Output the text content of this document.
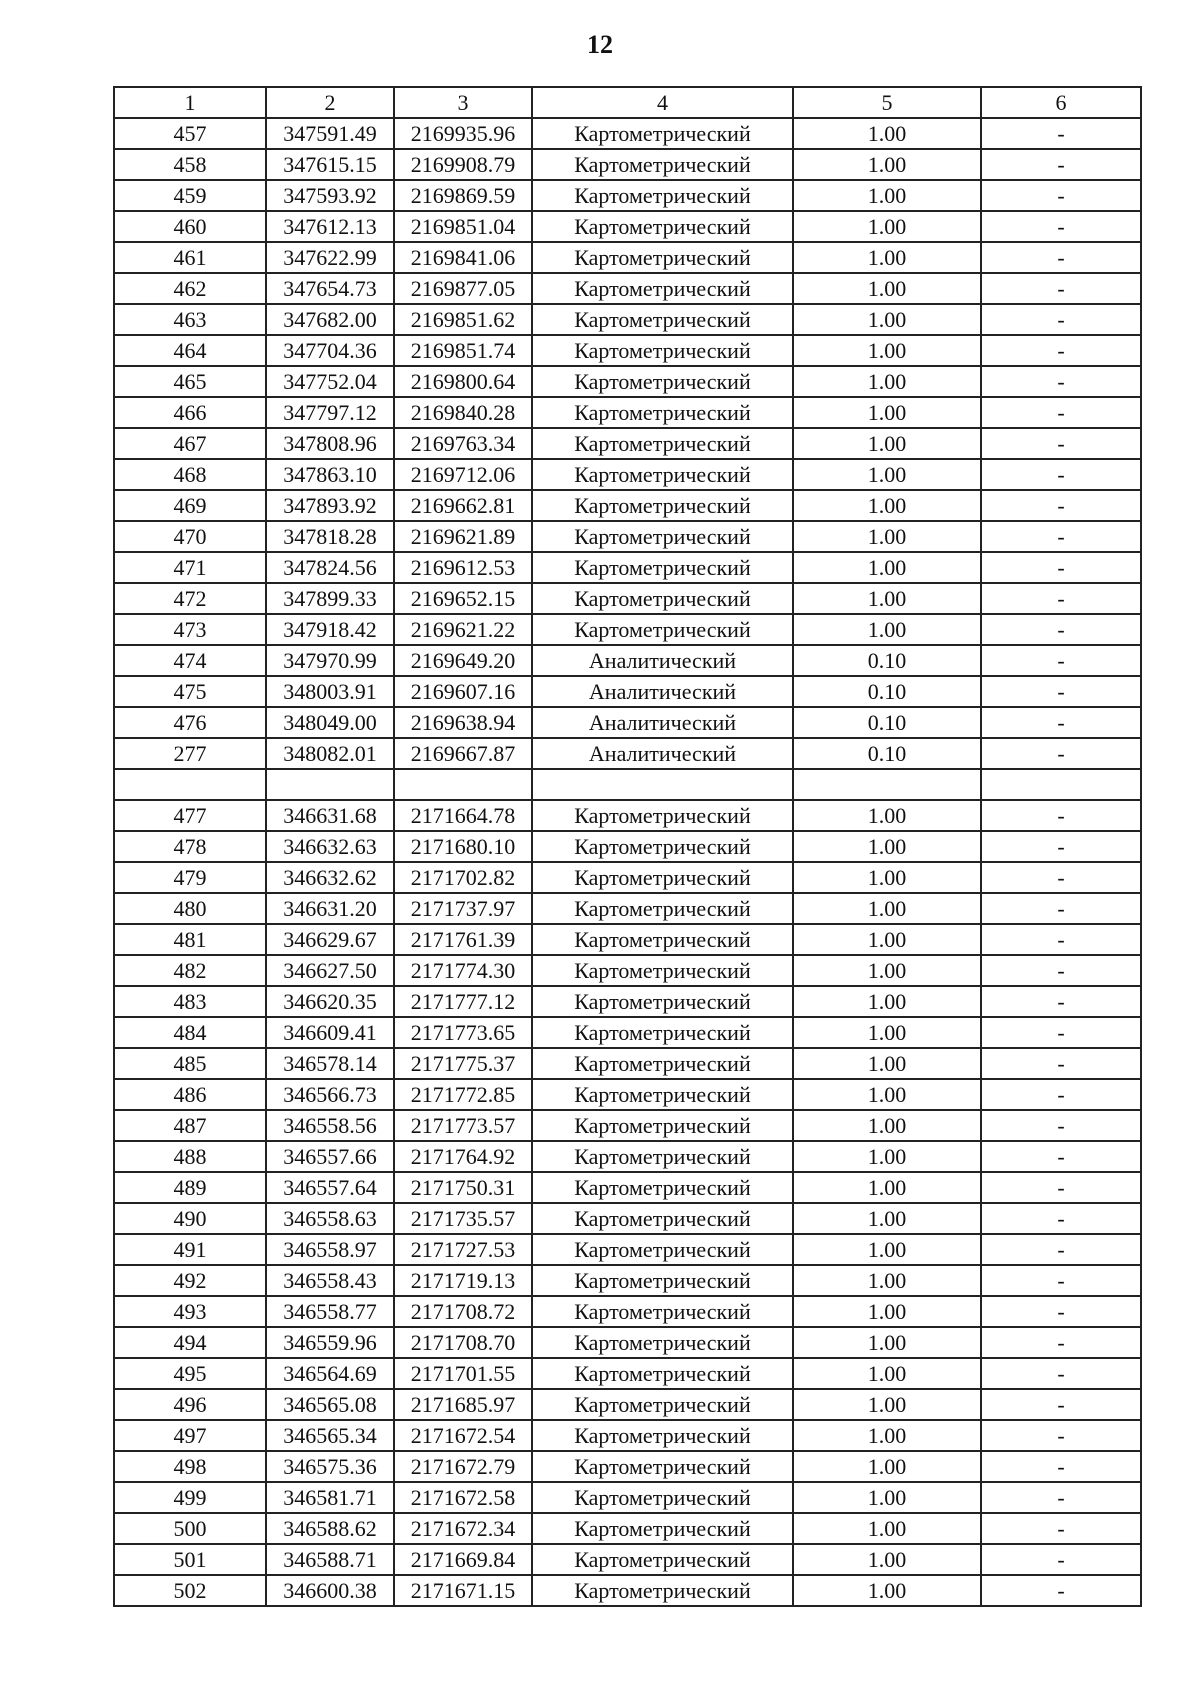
12
1	2	3	4	5	6
457	347591.49	2169935.96	Картометрический	1.00	-
458	347615.15	2169908.79	Картометрический	1.00	-
459	347593.92	2169869.59	Картометрический	1.00	-
460	347612.13	2169851.04	Картометрический	1.00	-
461	347622.99	2169841.06	Картометрический	1.00	-
462	347654.73	2169877.05	Картометрический	1.00	-
463	347682.00	2169851.62	Картометрический	1.00	-
464	347704.36	2169851.74	Картометрический	1.00	-
465	347752.04	2169800.64	Картометрический	1.00	-
466	347797.12	2169840.28	Картометрический	1.00	-
467	347808.96	2169763.34	Картометрический	1.00	-
468	347863.10	2169712.06	Картометрический	1.00	-
469	347893.92	2169662.81	Картометрический	1.00	-
470	347818.28	2169621.89	Картометрический	1.00	-
471	347824.56	2169612.53	Картометрический	1.00	-
472	347899.33	2169652.15	Картометрический	1.00	-
473	347918.42	2169621.22	Картометрический	1.00	-
474	347970.99	2169649.20	Аналитический	0.10	-
475	348003.91	2169607.16	Аналитический	0.10	-
476	348049.00	2169638.94	Аналитический	0.10	-
277	348082.01	2169667.87	Аналитический	0.10	-

477	346631.68	2171664.78	Картометрический	1.00	-
478	346632.63	2171680.10	Картометрический	1.00	-
479	346632.62	2171702.82	Картометрический	1.00	-
480	346631.20	2171737.97	Картометрический	1.00	-
481	346629.67	2171761.39	Картометрический	1.00	-
482	346627.50	2171774.30	Картометрический	1.00	-
483	346620.35	2171777.12	Картометрический	1.00	-
484	346609.41	2171773.65	Картометрический	1.00	-
485	346578.14	2171775.37	Картометрический	1.00	-
486	346566.73	2171772.85	Картометрический	1.00	-
487	346558.56	2171773.57	Картометрический	1.00	-
488	346557.66	2171764.92	Картометрический	1.00	-
489	346557.64	2171750.31	Картометрический	1.00	-
490	346558.63	2171735.57	Картометрический	1.00	-
491	346558.97	2171727.53	Картометрический	1.00	-
492	346558.43	2171719.13	Картометрический	1.00	-
493	346558.77	2171708.72	Картометрический	1.00	-
494	346559.96	2171708.70	Картометрический	1.00	-
495	346564.69	2171701.55	Картометрический	1.00	-
496	346565.08	2171685.97	Картометрический	1.00	-
497	346565.34	2171672.54	Картометрический	1.00	-
498	346575.36	2171672.79	Картометрический	1.00	-
499	346581.71	2171672.58	Картометрический	1.00	-
500	346588.62	2171672.34	Картометрический	1.00	-
501	346588.71	2171669.84	Картометрический	1.00	-
502	346600.38	2171671.15	Картометрический	1.00	-
